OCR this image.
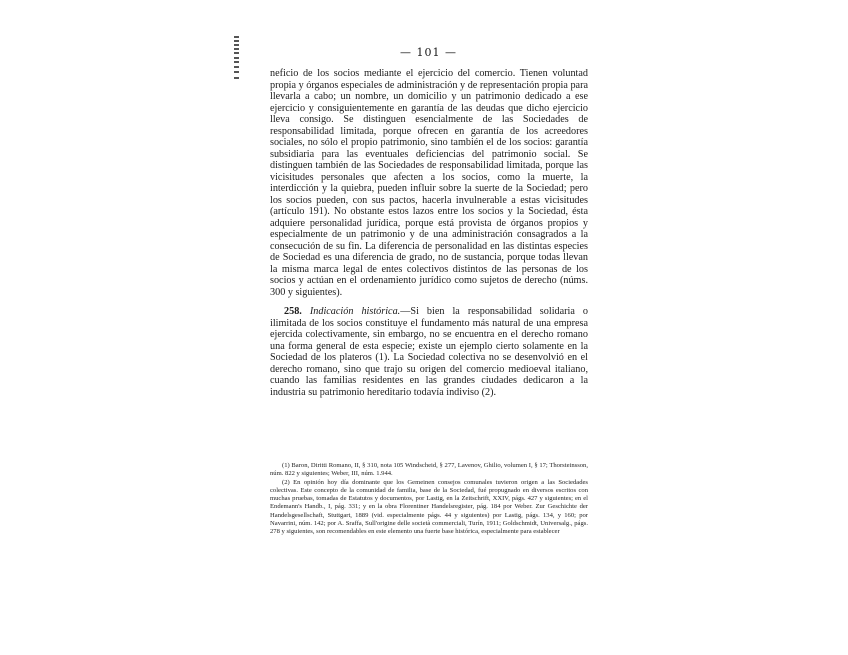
— 101 —

neficio de los socios mediante el ejercicio del comercio. Tienen voluntad propia y órganos especiales de administración y de representación propia para llevarla a cabo; un nombre, un domicilio y un patrimonio dedicado a ese ejercicio y consiguientemente en garantía de las deudas que dicho ejercicio lleva consigo. Se distinguen esencialmente de las Sociedades de responsabilidad limitada, porque ofrecen en garantía de los acreedores sociales, no sólo el propio patrimonio, sino también el de los socios: garantía subsidiaria para las eventuales deficiencias del patrimonio social. Se distinguen también de las Sociedades de responsabilidad limitada, porque las vicisitudes personales que afecten a los socios, como la muerte, la interdicción y la quiebra, pueden influir sobre la suerte de la Sociedad; pero los socios pueden, con sus pactos, hacerla invulnerable a estas vicisitudes (artículo 191). No obstante estos lazos entre los socios y la Sociedad, ésta adquiere personalidad jurídica, porque está provista de órganos propios y especialmente de un patrimonio y de una administración consagrados a la consecución de su fin. La diferencia de personalidad en las distintas especies de Sociedad es una diferencia de grado, no de sustancia, porque todas llevan la misma marca legal de entes colectivos distintos de las personas de los socios y actúan en el ordenamiento jurídico como sujetos de derecho (núms. 300 y siguientes).

258. Indicación histórica.—Si bien la responsabilidad solidaria o ilimitada de los socios constituye el fundamento más natural de una empresa ejercida colectivamente, sin embargo, no se encuentra en el derecho romano una forma general de esta especie; existe un ejemplo cierto solamente en la Sociedad de los plateros (1). La Sociedad colectiva no se desenvolvió en el derecho romano, sino que trajo su origen del comercio medioeval italiano, cuando las familias residentes en las grandes ciudades dedicaron a la industria su patrimonio hereditario todavía indiviso (2).

(1) Baron, Diritti Romano, II, § 310, nota 105 Windscheid, § 277, Lavenov, Ghilio, volumen I, § 17; Thorsteinsson, núm. 822 y siguientes; Weber, III, núm. 1.944.

(2) En opinión hoy día dominante que los Gemeinen consejos comunales tuvieron origen a las Sociedades colectivas. Este concepto de la comunidad de familia, base de la Sociedad, fué propugnado en diversos escritos con muchas pruebas, tomadas de Estatutos y documentos, por Lastig, en la Zeitschrift, XXIV, págs. 427 y siguientes; en el Endemann's Handb., I, pág. 331; y en la obra Florentiner Handelsregister, pág. 184 por Weber. Zur Geschichte der Handelsgesellschaft, Stuttgart, 1889 (vid. especialmente págs. 44 y siguientes) por Lastig, págs. 134, y 160; por Navarrini, núm. 142; por A. Sraffa, Sull'origine delle società commerciali, Turín, 1911; Goldschmidt, Universalg., págs. 278 y siguientes, son recomendables en este elemento una fuerte base histórica, especialmente para establecer
